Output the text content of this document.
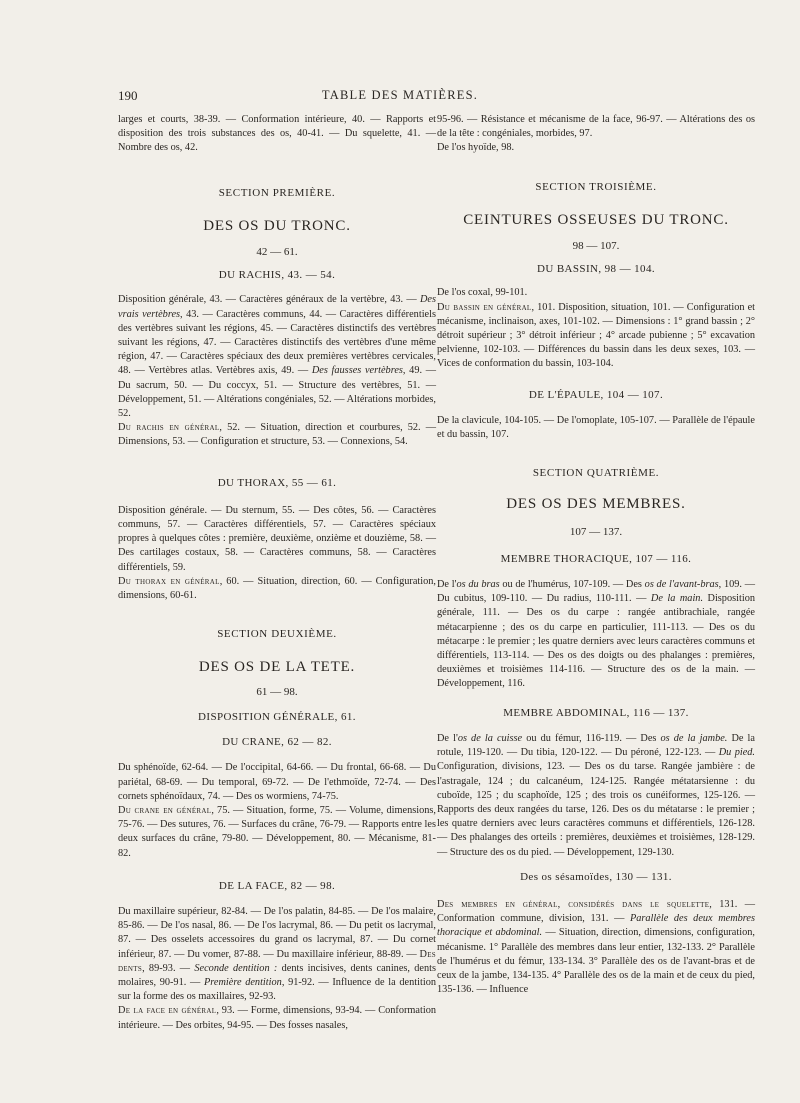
190	TABLE DES MATIÈRES.

larges et courts, 38-39. — Conformation intérieure, 40. — Rapports et disposition des trois substances des os, 40-41. — Du squelette, 41. — Nombre des os, 42.

SECTION PREMIÈRE.

DES OS DU TRONC.

42 — 61.

DU RACHIS, 43. — 54.

Disposition générale, 43. — Caractères généraux de la vertèbre, 43. — Des vrais vertèbres, 43. — Caractères communs, 44. — Caractères différentiels des vertèbres suivant les régions, 45. — Caractères distinctifs des vertèbres suivant les régions, 47. — Caractères distinctifs des vertèbres d'une même région, 47. — Caractères spéciaux des deux premières vertèbres cervicales, 48. — Vertèbres atlas. Vertèbres axis, 49. — Des fausses vertèbres, 49. — Du sacrum, 50. — Du coccyx, 51. — Structure des vertèbres, 51. — Développement, 51. — Altérations congéniales, 52. — Altérations morbides, 52.

Du rachis en général, 52. — Situation, direction et courbures, 52. — Dimensions, 53. — Configuration et structure, 53. — Connexions, 54.

DU THORAX, 55 — 61.

Disposition générale. — Du sternum, 55. — Des côtes, 56. — Caractères communs, 57. — Caractères différentiels, 57. — Caractères spéciaux propres à quelques côtes : première, deuxième, onzième et douzième, 58. — Des cartilages costaux, 58. — Caractères communs, 58. — Caractères différentiels, 59.

Du thorax en général, 60. — Situation, direction, 60. — Configuration, dimensions, 60-61.

SECTION DEUXIÈME.

DES OS DE LA TETE.

61 — 98.

DISPOSITION GÉNÉRALE, 61.

DU CRANE, 62 — 82.

Du sphénoïde, 62-64. — De l'occipital, 64-66. — Du frontal, 66-68. — Du pariétal, 68-69. — Du temporal, 69-72. — De l'ethmoïde, 72-74. — Des cornets sphénoïdaux, 74. — Des os wormiens, 74-75.

Du crane en général, 75. — Situation, forme, 75. — Volume, dimensions, 75-76. — Des sutures, 76. — Surfaces du crâne, 76-79. — Rapports entre les deux surfaces du crâne, 79-80. — Développement, 80. — Mécanisme, 81-82.

DE LA FACE, 82 — 98.

Du maxillaire supérieur, 82-84. — De l'os palatin, 84-85. — De l'os malaire, 85-86. — De l'os nasal, 86. — De l'os lacrymal, 86. — Du petit os lacrymal, 87. — Des osselets accessoires du grand os lacrymal, 87. — Du cornet inférieur, 87. — Du vomer, 87-88. — Du maxillaire inférieur, 88-89. — Des dents, 89-93. — Seconde dentition : dents incisives, dents canines, dents molaires, 90-91. — Première dentition, 91-92. — Influence de la dentition sur la forme des os maxillaires, 92-93.

De la face en général, 93. — Forme, dimensions, 93-94. — Conformation intérieure. — Des orbites, 94-95. — Des fosses nasales,

95-96. — Résistance et mécanisme de la face, 96-97. — Altérations des os de la tête : congéniales, morbides, 97.

De l'os hyoïde, 98.

SECTION TROISIÈME.

CEINTURES OSSEUSES DU TRONC.

98 — 107.

DU BASSIN, 98 — 104.

De l'os coxal, 99-101.

Du bassin en général, 101. Disposition, situation, 101. — Configuration et mécanisme, inclinaison, axes, 101-102. — Dimensions : 1° grand bassin ; 2° détroit supérieur ; 3° détroit inférieur ; 4° arcade pubienne ; 5° excavation pelvienne, 102-103. — Différences du bassin dans les deux sexes, 103. — Vices de conformation du bassin, 103-104.

DE L'ÉPAULE, 104 — 107.

De la clavicule, 104-105. — De l'omoplate, 105-107. — Parallèle de l'épaule et du bassin, 107.

SECTION QUATRIÈME.

DES OS DES MEMBRES.

107 — 137.

MEMBRE THORACIQUE, 107 — 116.

De l'os du bras ou de l'humérus, 107-109. — Des os de l'avant-bras, 109. — Du cubitus, 109-110. — Du radius, 110-111. — De la main. Disposition générale, 111. — Des os du carpe : rangée antibrachiale, rangée métacarpienne ; des os du carpe en particulier, 111-113. — Des os du métacarpe : le premier ; les quatre derniers avec leurs caractères communs et différentiels, 113-114. — Des os des doigts ou des phalanges : premières, deuxièmes et troisièmes 114-116. — Structure des os de la main. — Développement, 116.

MEMBRE ABDOMINAL, 116 — 137.

De l'os de la cuisse ou du fémur, 116-119. — Des os de la jambe. De la rotule, 119-120. — Du tibia, 120-122. — Du péroné, 122-123. — Du pied. Configuration, divisions, 123. — Des os du tarse. Rangée jambière : de l'astragale, 124 ; du calcanéum, 124-125. Rangée métatarsienne : du cuboïde, 125 ; du scaphoïde, 125 ; des trois os cunéiformes, 125-126. — Rapports des deux rangées du tarse, 126. Des os du métatarse : le premier ; les quatre derniers avec leurs caractères communs et différentiels, 126-128. — Des phalanges des orteils : premières, deuxièmes et troisièmes, 128-129. — Structure des os du pied. — Développement, 129-130.

Des os sésamoïdes, 130 — 131.

Des membres en général, considérés dans le squelette, 131. — Conformation commune, division, 131. — Parallèle des deux membres thoracique et abdominal. — Situation, direction, dimensions, configuration, mécanisme. 1° Parallèle des membres dans leur entier, 132-133. 2° Parallèle de l'humérus et du fémur, 133-134. 3° Parallèle des os de l'avant-bras et de ceux de la jambe, 134-135. 4° Parallèle des os de la main et de ceux du pied, 135-136. — Influence
